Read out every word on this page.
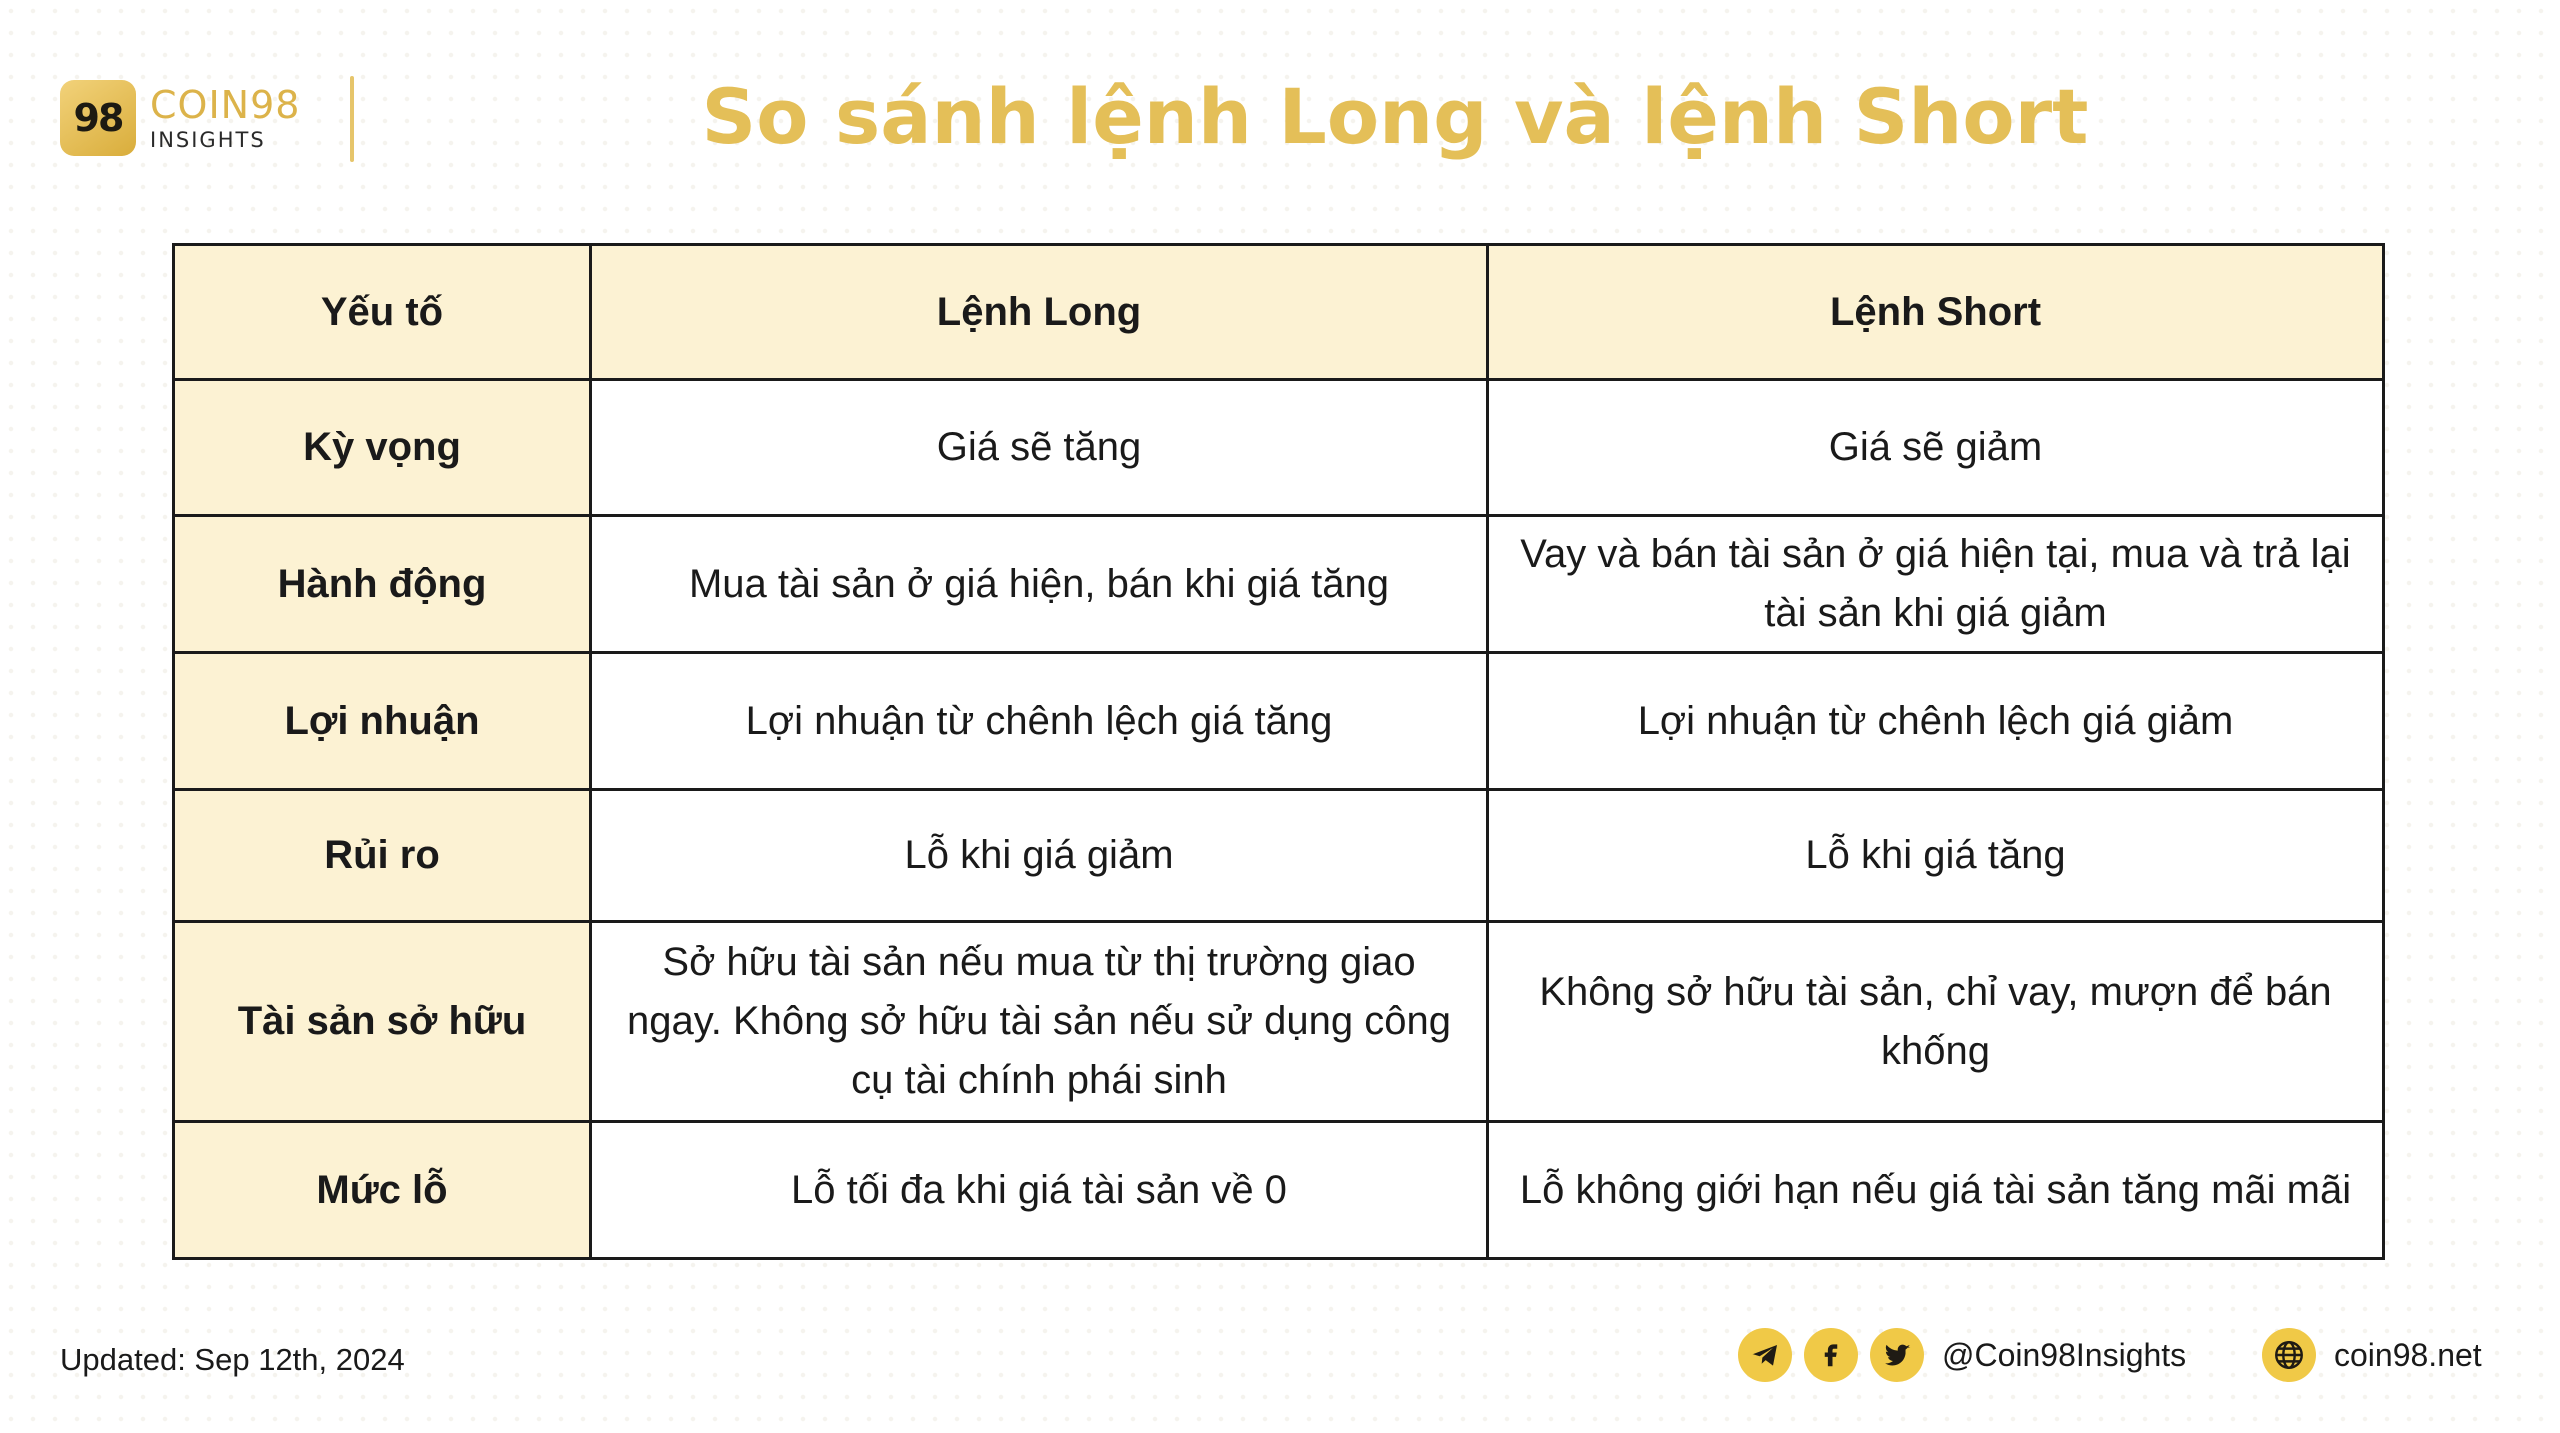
98 COIN98
INSIGHTS	So sánh lệnh Long và lệnh Short
Yếu tố	Lệnh Long	Lệnh Short
Kỳ vọng	Giá sẽ tăng	Giá sẽ giảm
Hành động	Mua tài sản ở giá hiện, bán khi giá tăng	Vay và bán tài sản ở giá hiện tại, mua và trả lại tài sản khi giá giảm
Lợi nhuận	Lợi nhuận từ chênh lệch giá tăng	Lợi nhuận từ chênh lệch giá giảm
Rủi ro	Lỗ khi giá giảm	Lỗ khi giá tăng
Tài sản sở hữu	Sở hữu tài sản nếu mua từ thị trường giao ngay. Không sở hữu tài sản nếu sử dụng công cụ tài chính phái sinh	Không sở hữu tài sản, chỉ vay, mượn để bán khống
Mức lỗ	Lỗ tối đa khi giá tài sản về 0	Lỗ không giới hạn nếu giá tài sản tăng mãi mãi
Updated: Sep 12th, 2024	@Coin98Insights	coin98.net
